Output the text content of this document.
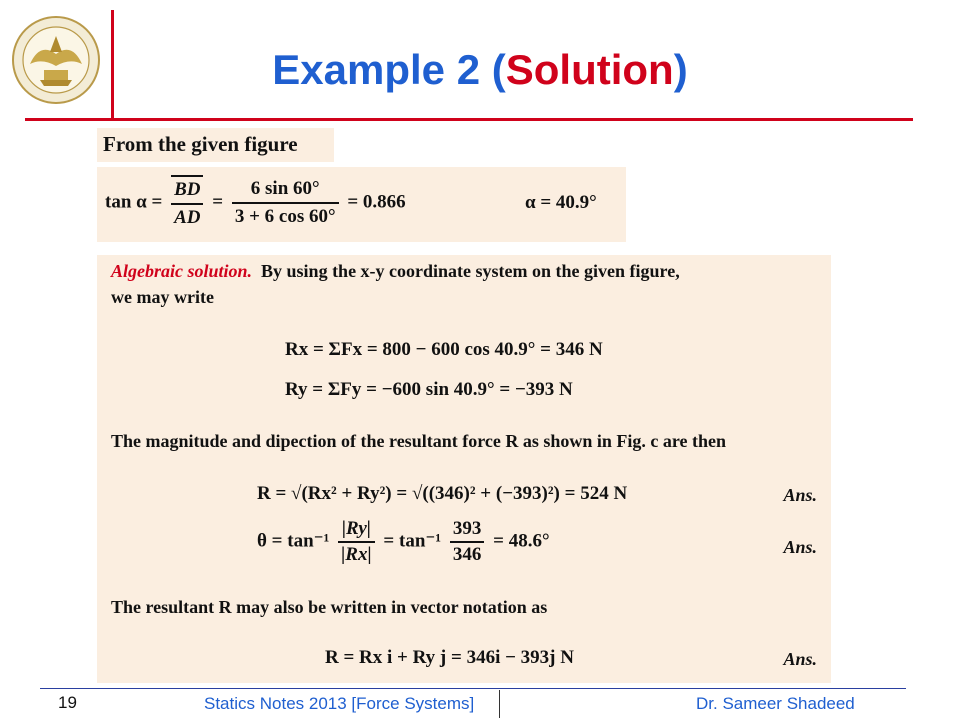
Example 2 (Solution)
From the given figure
$\tan \alpha = \frac{BD}{AD} = \frac{6 \sin 60^\circ}{3 + 6 \cos 60^\circ} = 0.866$	α = 40.9°
Algebraic solution. By using the x-y coordinate system on the given figure,
we may write
Rx = ΣFx = 800 − 600 cos 40.9° = 346 N
Ry = ΣFy = −600 sin 40.9° = −393 N
The magnitude and dipection of the resultant force R as shown in Fig. c are then
R = √(Rx² + Ry²) = √((346)² + (−393)²) = 524 N	Ans.
$\theta = \tan^{-1} \frac{|Ry|}{|Rx|} = \tan^{-1} \frac{393}{346} = 48.6^\circ$	Ans.
The resultant R may also be written in vector notation as
R = Rx i + Ry j = 346i − 393j N	Ans.
19	Statics Notes 2013 [Force Systems]	Dr. Sameer Shadeed
